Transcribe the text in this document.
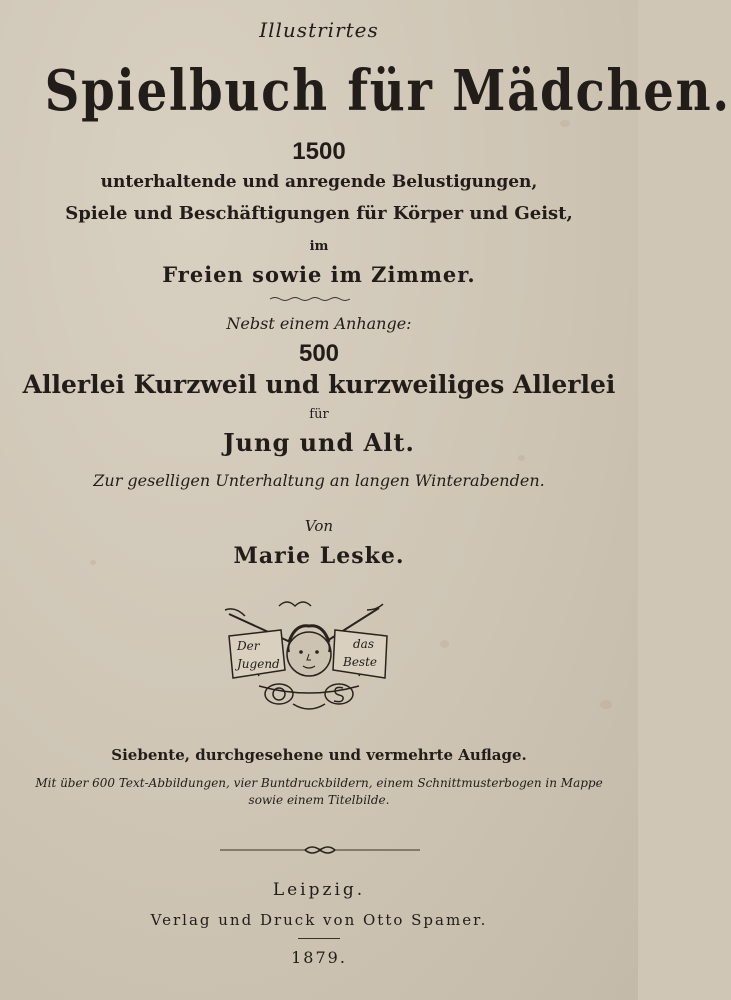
Illustrirtes
Spielbuch für Mädchen.
1500
unterhaltende und anregende Belustigungen,
Spiele und Beschäftigungen für Körper und Geist,
im
Freien sowie im Zimmer.
Nebst einem Anhange:
500
Allerlei Kurzweil und kurzweiliges Allerlei
für
Jung und Alt.
Zur geselligen Unterhaltung an langen Winterabenden.
Von
Marie Leske.
Der
Jugend
das
Beste
Siebente, durchgesehene und vermehrte Auflage.
Mit über 600 Text-Abbildungen, vier Buntdruckbildern, einem Schnittmusterbogen in Mappe
sowie einem Titelbilde.
Leipzig.
Verlag und Druck von Otto Spamer.
1879.
